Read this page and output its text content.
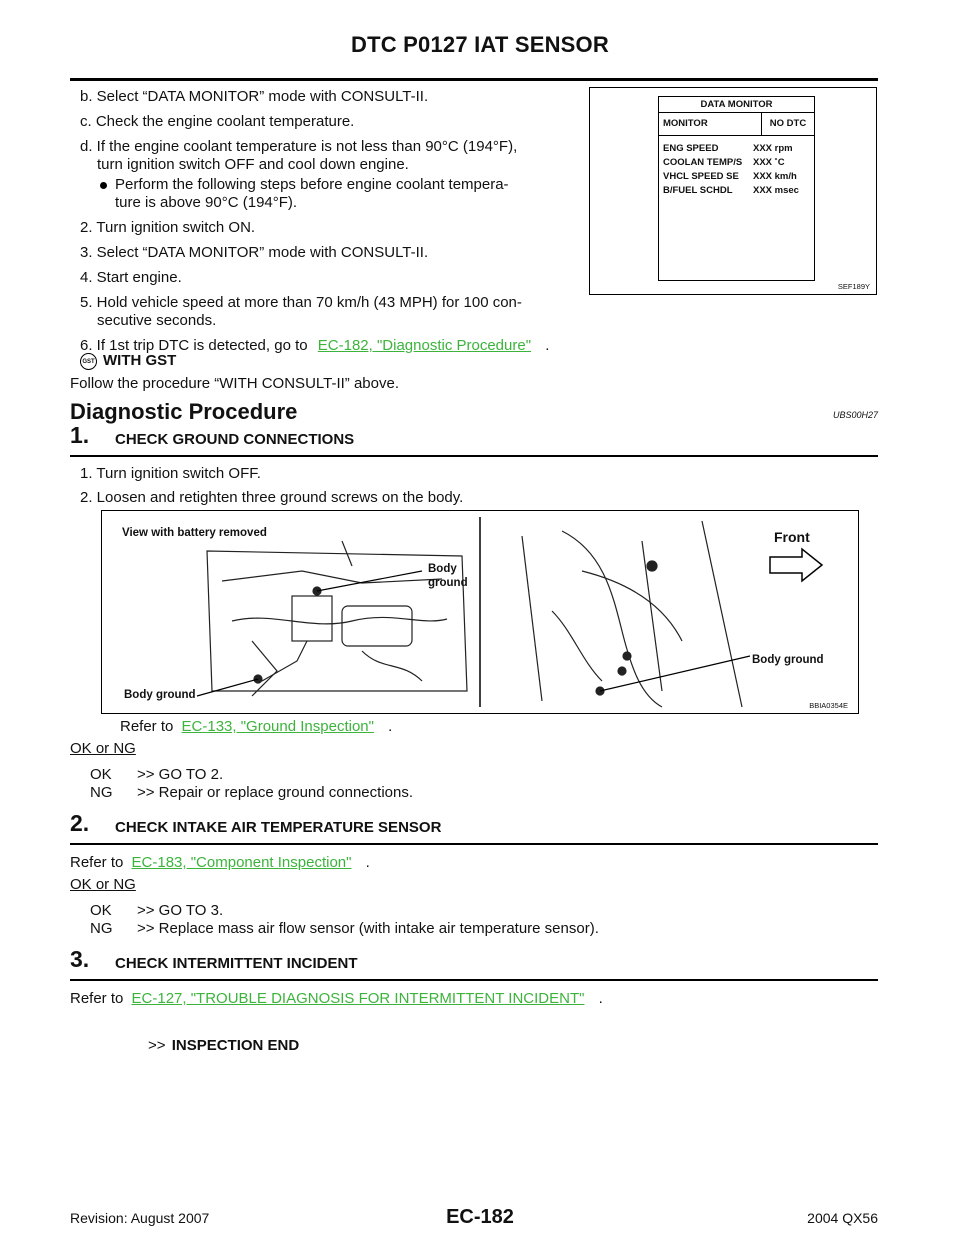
DTC P0127 IAT SENSOR
b. Select “DATA MONITOR” mode with CONSULT-II.
c. Check the engine coolant temperature.
d. If the engine coolant temperature is not less than 90°C (194°F),
turn ignition switch OFF and cool down engine.
Perform the following steps before engine coolant tempera-
ture is above 90°C (194°F).
2. Turn ignition switch ON.
3. Select “DATA MONITOR” mode with CONSULT-II.
4. Start engine.
5. Hold vehicle speed at more than 70 km/h (43 MPH) for 100 con-
secutive seconds.
6. If 1st trip DTC is detected, go to EC-182, "Diagnostic Procedure" .
DATA MONITOR
MONITOR	NO DTC
ENG SPEED	XXX rpm
COOLAN TEMP/S	XXX ˚C
VHCL SPEED SE	XXX km/h
B/FUEL SCHDL	XXX msec
SEF189Y
GST WITH GST
Follow the procedure “WITH CONSULT-II” above.
Diagnostic Procedure	UBS00H27
1. CHECK GROUND CONNECTIONS
1. Turn ignition switch OFF.
2. Loosen and retighten three ground screws on the body.
View with battery removed
Body
ground
Body ground
Front
Body ground
BBIA0354E
Refer to EC-133, "Ground Inspection" .
OK or NG
OK >> GO TO 2.
NG >> Repair or replace ground connections.
2. CHECK INTAKE AIR TEMPERATURE SENSOR
Refer to EC-183, "Component Inspection" .
OK or NG
OK >> GO TO 3.
NG >> Replace mass air flow sensor (with intake air temperature sensor).
3. CHECK INTERMITTENT INCIDENT
Refer to EC-127, "TROUBLE DIAGNOSIS FOR INTERMITTENT INCIDENT" .
>> INSPECTION END
Revision: August 2007	EC-182	2004 QX56
